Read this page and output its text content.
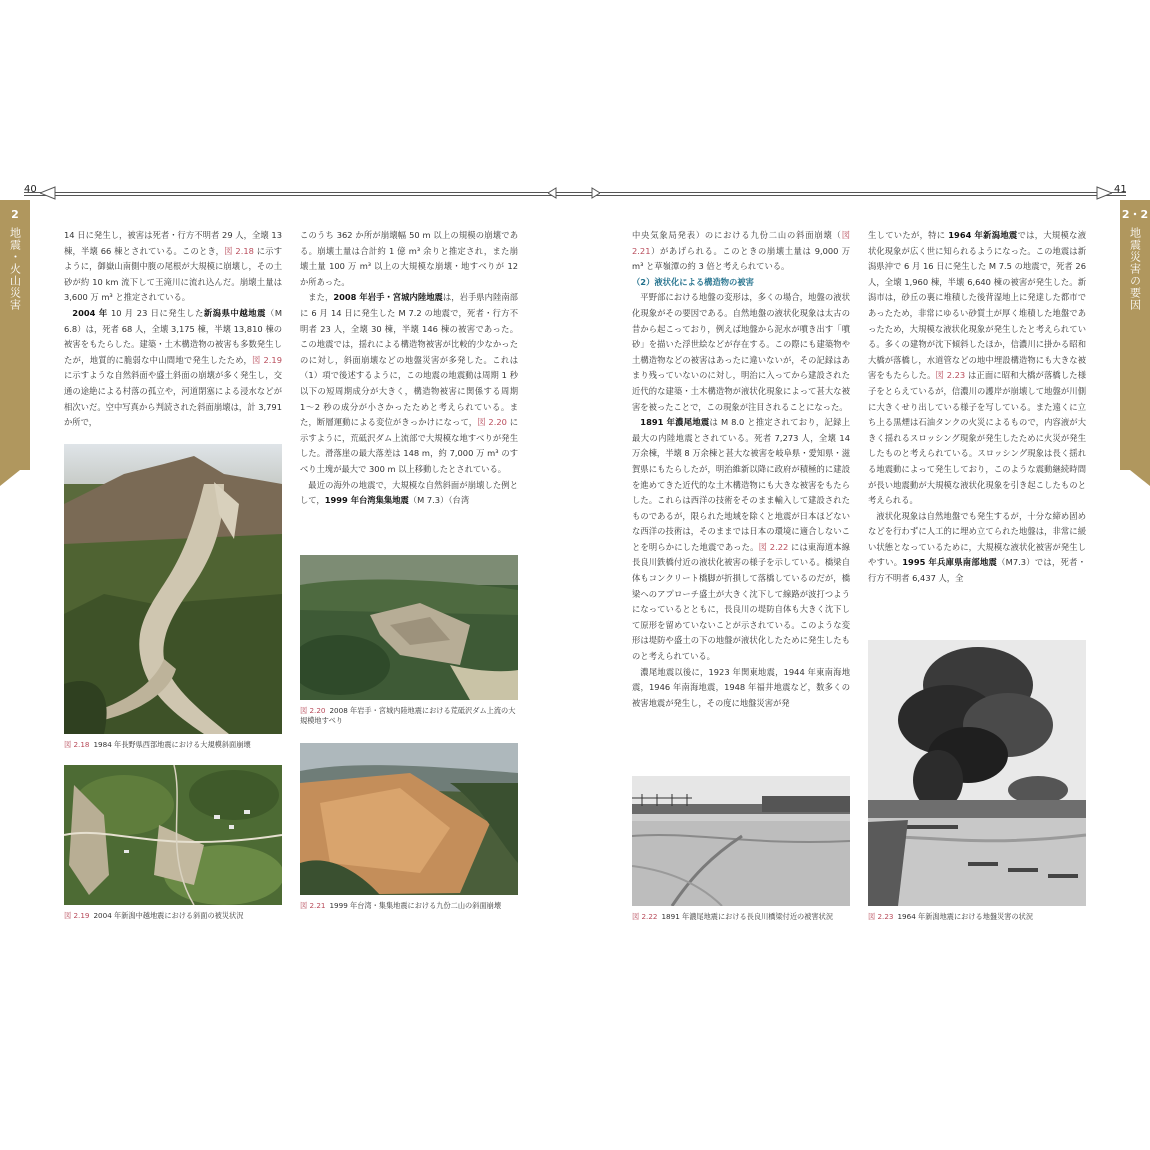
40	41
2
地震・火山災害
2・2
地震災害の要因

14 日に発生し，被害は死者・行方不明者 29 人，全壊 13 棟，半壊 66 棟とされている。このとき，図 2.18 に示すように，御嶽山南側中腹の尾根が大規模に崩壊し，その土砂が約 10 km 流下して王滝川に流れ込んだ。崩壊土量は 3,600 万 m³ と推定されている。

2004 年 10 月 23 日に発生した新潟県中越地震（M 6.8）は，死者 68 人，全壊 3,175 棟，半壊 13,810 棟の被害をもたらした。建築・土木構造物の被害も多数発生したが，地質的に脆弱な中山間地で発生したため，図 2.19 に示すような自然斜面や盛土斜面の崩壊が多く発生し，交通の途絶による村落の孤立や，河道閉塞による浸水などが相次いだ。空中写真から判読された斜面崩壊は，計 3,791 か所で，

このうち 362 か所が崩壊幅 50 m 以上の規模の崩壊である。崩壊土量は合計約 1 億 m³ 余りと推定され，また崩壊土量 100 万 m³ 以上の大規模な崩壊・地すべりが 12 か所あった。

また，2008 年岩手・宮城内陸地震は，岩手県内陸南部に 6 月 14 日に発生した M 7.2 の地震で，死者・行方不明者 23 人，全壊 30 棟，半壊 146 棟の被害であった。この地震では，揺れによる構造物被害が比較的少なかったのに対し，斜面崩壊などの地盤災害が多発した。これは（1）項で後述するように，この地震の地震動は周期 1 秒以下の短周期成分が大きく，構造物被害に関係する周期 1〜2 秒の成分が小さかったためと考えられている。また，断層運動による変位がきっかけになって，図 2.20 に示すように，荒砥沢ダム上流部で大規模な地すべりが発生した。滑落崖の最大落差は 148 m，約 7,000 万 m³ のすべり土塊が最大で 300 m 以上移動したとされている。

最近の海外の地震で，大規模な自然斜面が崩壊した例として，1999 年台湾集集地震（M 7.3）（台湾

中央気象局発表）のにおける九份二山の斜面崩壊（図 2.21）があげられる。このときの崩壊土量は 9,000 万 m³ と草嶺潭の約 3 倍と考えられている。

（2）液状化による構造物の被害

平野部における地盤の変形は，多くの場合，地盤の液状化現象がその要因である。自然地盤の液状化現象は太古の昔から起こっており，例えば地盤から泥水が噴き出す「噴砂」を描いた浮世絵などが存在する。この際にも建築物や土構造物などの被害はあったに違いないが，その記録はあまり残っていないのに対し，明治に入ってから建設された近代的な建築・土木構造物が液状化現象によって甚大な被害を被ったことで，この現象が注目されることになった。

1891 年濃尾地震は M 8.0 と推定されており，記録上最大の内陸地震とされている。死者 7,273 人，全壊 14 万余棟，半壊 8 万余棟と甚大な被害を岐阜県・愛知県・滋賀県にもたらしたが，明治維新以降に政府が積極的に建設を進めてきた近代的な土木構造物にも大きな被害をもたらした。これらは西洋の技術をそのまま輸入して建設されたものであるが，限られた地域を除くと地震が日本ほどないな西洋の技術は，そのままでは日本の環境に適合しないことを明らかにした地震であった。図 2.22 には東海道本線長良川鉄橋付近の液状化被害の様子を示している。橋梁自体もコンクリート橋脚が折損して落橋しているのだが，橋梁へのアプローチ盛土が大きく沈下して線路が波打つようになっているとともに，長良川の堤防自体も大きく沈下して原形を留めていないことが示されている。このような変形は堤防や盛土の下の地盤が液状化したために発生したものと考えられている。

濃尾地震以後に，1923 年関東地震，1944 年東南海地震，1946 年南海地震，1948 年福井地震など，数多くの被害地震が発生し，その度に地盤災害が発

生していたが，特に 1964 年新潟地震では，大規模な液状化現象が広く世に知られるようになった。この地震は新潟県沖で 6 月 16 日に発生した M 7.5 の地震で，死者 26 人，全壊 1,960 棟，半壊 6,640 棟の被害が発生した。新潟市は，砂丘の裏に堆積した後背湿地上に発達した都市であったため，非常にゆるい砂質土が厚く堆積した地盤であったため，大規模な液状化現象が発生したと考えられている。多くの建物が沈下傾斜したほか，信濃川に掛かる昭和大橋が落橋し，水道管などの地中埋設構造物にも大きな被害をもたらした。図 2.23 は正面に昭和大橋が落橋した様子をとらえているが，信濃川の護岸が崩壊して地盤が川側に大きくせり出している様子を写している。また遠くに立ち上る黒煙は石油タンクの火災によるもので，内容液が大きく揺れるスロッシング現象が発生したために火災が発生したものと考えられている。スロッシング現象は長く揺れる地震動によって発生しており，このような震動継続時間が長い地震動が大規模な液状化現象を引き起こしたものと考えられる。

液状化現象は自然地盤でも発生するが，十分な締め固めなどを行わずに人工的に埋め立てられた地盤は，非常に緩い状態となっているために，大規模な液状化被害が発生しやすい。1995 年兵庫県南部地震（M7.3）では，死者・行方不明者 6,437 人，全

図 2.18 1984 年長野県西部地震における大規模斜面崩壊
図 2.19 2004 年新潟中越地震における斜面の被災状況
図 2.20 2008 年岩手・宮城内陸地震における荒砥沢ダム上流の大規模地すべり
図 2.21 1999 年台湾・集集地震における九份二山の斜面崩壊
図 2.22 1891 年濃尾地震における長良川橋梁付近の被害状況	図 2.23 1964 年新潟地震における地盤災害の状況
